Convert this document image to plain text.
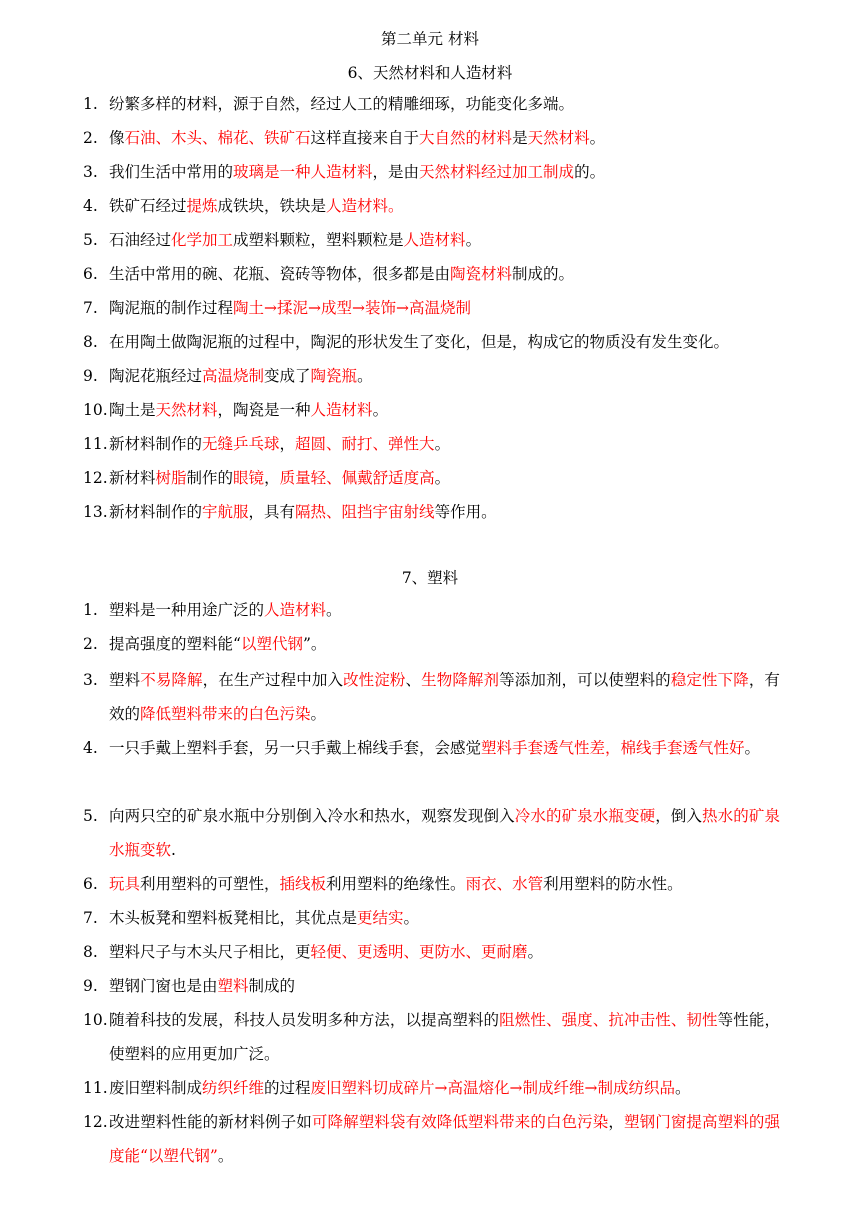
第二单元 材料
6、天然材料和人造材料
1. 纷繁多样的材料，源于自然，经过人工的精雕细琢，功能变化多端。
2. 像石油、木头、棉花、铁矿石这样直接来自于大自然的材料是天然材料。
3. 我们生活中常用的玻璃是一种人造材料，是由天然材料经过加工制成的。
4. 铁矿石经过提炼成铁块，铁块是人造材料。
5. 石油经过化学加工成塑料颗粒，塑料颗粒是人造材料。
6. 生活中常用的碗、花瓶、瓷砖等物体，很多都是由陶瓷材料制成的。
7. 陶泥瓶的制作过程陶土→揉泥→成型→装饰→高温烧制
8. 在用陶土做陶泥瓶的过程中，陶泥的形状发生了变化，但是，构成它的物质没有发生变化。
9. 陶泥花瓶经过高温烧制变成了陶瓷瓶。
10. 陶土是天然材料，陶瓷是一种人造材料。
11. 新材料制作的无缝乒乓球，超圆、耐打、弹性大。
12. 新材料树脂制作的眼镜，质量轻、佩戴舒适度高。
13. 新材料制作的宇航服，具有隔热、阻挡宇宙射线等作用。
7、塑料
1. 塑料是一种用途广泛的人造材料。
2. 提高强度的塑料能“以塑代钢”。
3. 塑料不易降解，在生产过程中加入改性淀粉、生物降解剂等添加剂，可以使塑料的稳定性下降，有效的降低塑料带来的白色污染。
4. 一只手戴上塑料手套，另一只手戴上棉线手套，会感觉塑料手套透气性差，棉线手套透气性好。
5. 向两只空的矿泉水瓶中分别倒入冷水和热水，观察发现倒入冷水的矿泉水瓶变硬，倒入热水的矿泉水瓶变软.
6. 玩具利用塑料的可塑性，插线板利用塑料的绝缘性。雨衣、水管利用塑料的防水性。
7. 木头板凳和塑料板凳相比，其优点是更结实。
8. 塑料尺子与木头尺子相比，更轻便、更透明、更防水、更耐磨。
9. 塑钢门窗也是由塑料制成的
10. 随着科技的发展，科技人员发明多种方法，以提高塑料的阻燃性、强度、抗冲击性、韧性等性能，使塑料的应用更加广泛。
11. 废旧塑料制成纺织纤维的过程废旧塑料切成碎片→高温熔化→制成纤维→制成纺织品。
12. 改进塑料性能的新材料例子如可降解塑料袋有效降低塑料带来的白色污染，塑钢门窗提高塑料的强度能“以塑代钢”。
